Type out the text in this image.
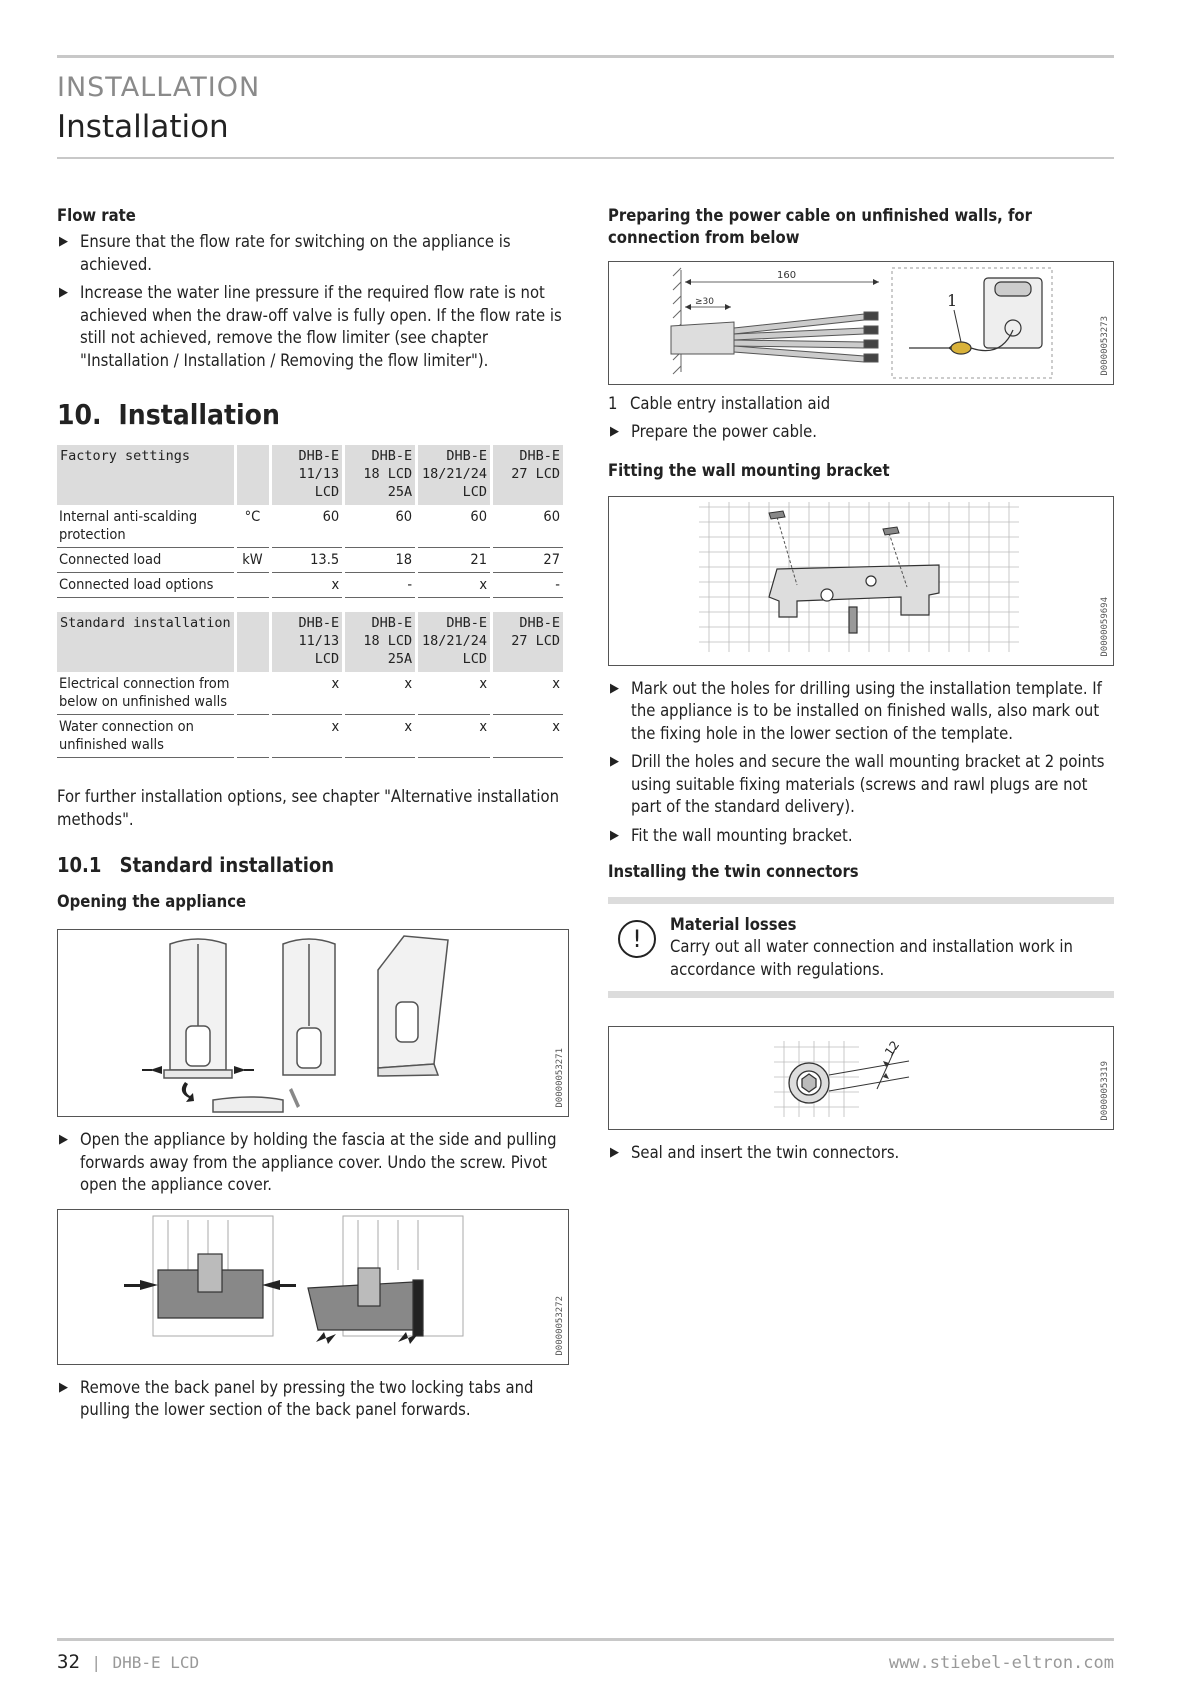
INSTALLATION
Installation
Flow rate
▶ Ensure that the flow rate for switching on the appliance is achieved.
▶ Increase the water line pressure if the required flow rate is not achieved when the draw-off valve is fully open. If the flow rate is still not achieved, remove the flow limiter (see chapter "Installation / Installation / Removing the flow limiter").
10. Installation
Factory settings		DHB-E 11/13 LCD	DHB-E 18 LCD 25A	DHB-E 18/21/24 LCD	DHB-E 27 LCD
Internal anti-scalding protection	°C	60	60	60	60
Connected load	kW	13.5	18	21	27
Connected load options		x	-	x	-

Standard installation		DHB-E 11/13 LCD	DHB-E 18 LCD 25A	DHB-E 18/21/24 LCD	DHB-E 27 LCD
Electrical connection from below on unfinished walls		x	x	x	x
Water connection on unfinished walls		x	x	x	x

For further installation options, see chapter "Alternative installation methods".

10.1 Standard installation
Opening the appliance
D0000053271
▶ Open the appliance by holding the fascia at the side and pulling forwards away from the appliance cover. Undo the screw. Pivot open the appliance cover.
D0000053272
▶ Remove the back panel by pressing the two locking tabs and pulling the lower section of the back panel forwards.
Preparing the power cable on unfinished walls, for connection from below
160
≥30	1
D0000053273
1 Cable entry installation aid
▶ Prepare the power cable.
Fitting the wall mounting bracket
D0000059694
▶ Mark out the holes for drilling using the installation template. If the appliance is to be installed on finished walls, also mark out the fixing hole in the lower section of the template.
▶ Drill the holes and secure the wall mounting bracket at 2 points using suitable fixing materials (screws and rawl plugs are not part of the standard delivery).
▶ Fit the wall mounting bracket.
Installing the twin connectors
!
Material losses

Carry out all water connection and installation work in accordance with regulations.

12
D0000053319
▶ Seal and insert the twin connectors.
32 | DHB-E LCD	www.stiebel-eltron.com
